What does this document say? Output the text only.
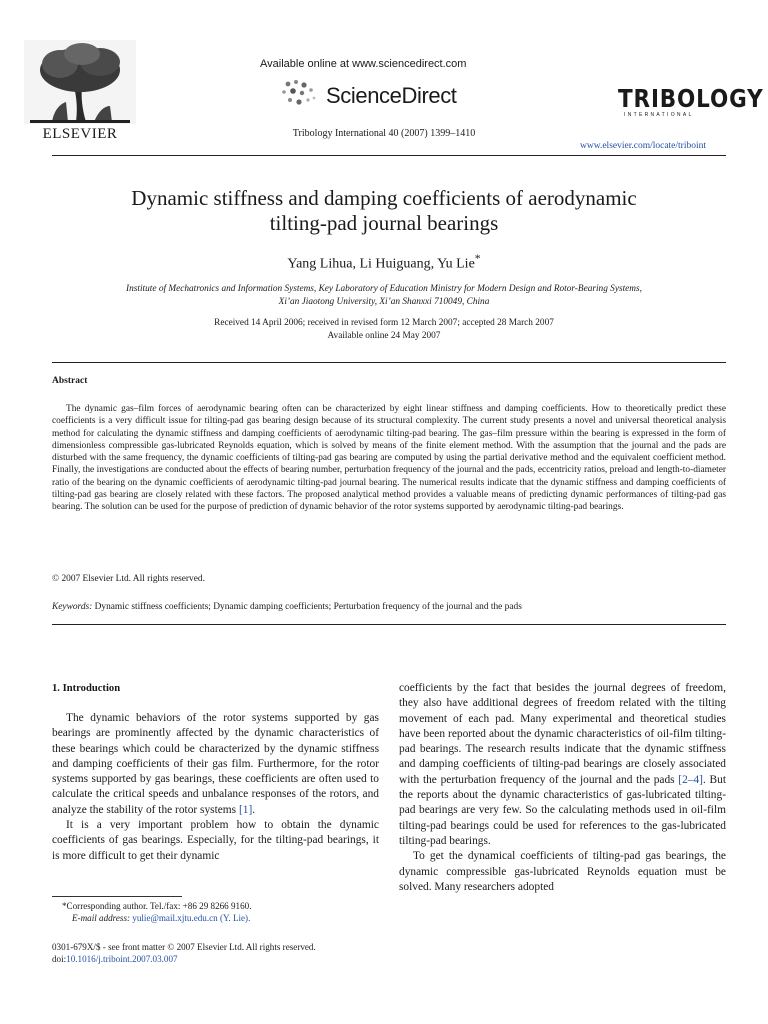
ELSEVIER
Available online at www.sciencedirect.com
ScienceDirect
Tribology International 40 (2007) 1399–1410
TRIBOLOGY
INTERNATIONAL
www.elsevier.com/locate/triboint
Dynamic stiffness and damping coefficients of aerodynamic
tilting-pad journal bearings
Yang Lihua, Li Huiguang, Yu Lie*
Institute of Mechatronics and Information Systems, Key Laboratory of Education Ministry for Modern Design and Rotor-Bearing Systems,
Xi’an Jiaotong University, Xi’an Shanxxi 710049, China
Received 14 April 2006; received in revised form 12 March 2007; accepted 28 March 2007
Available online 24 May 2007
Abstract
The dynamic gas–film forces of aerodynamic bearing often can be characterized by eight linear stiffness and damping coefficients. How to theoretically predict these coefficients is a very difficult issue for tilting-pad gas bearing design because of its structural complexity. The current study presents a novel and universal theoretical analysis method for calculating the dynamic stiffness and damping coefficients of aerodynamic tilting-pad bearing. The gas–film pressure within the bearing is expressed in the form of dimensionless compressible gas-lubricated Reynolds equation, which is solved by means of the finite element method. With the assumption that the journal and the pads are disturbed with the same frequency, the dynamic coefficients of tilting-pad gas bearing are computed by using the partial derivative method and the equivalent coefficient method. Finally, the investigations are conducted about the effects of bearing number, perturbation frequency of the journal and the pads, eccentricity ratios, preload and length-to-diameter ratio of the bearing on the dynamic coefficients of aerodynamic tilting-pad journal bearing. The numerical results indicate that the dynamic stiffness and damping coefficients of tilting-pad gas bearing are closely related with these factors. The proposed analytical method provides a valuable means of predicting dynamic performances of tilting-pad gas bearing. The solution can be used for the purpose of prediction of dynamic behavior of the rotor systems supported by aerodynamic tilting-pad bearings.
© 2007 Elsevier Ltd. All rights reserved.
Keywords: Dynamic stiffness coefficients; Dynamic damping coefficients; Perturbation frequency of the journal and the pads
1. Introduction

The dynamic behaviors of the rotor systems supported by gas bearings are prominently affected by the dynamic characteristics of these bearings which could be characterized by the dynamic stiffness and damping coefficients of their gas film. Furthermore, for the rotor systems supported by gas bearings, these coefficients are often used to calculate the critical speeds and unbalance responses of the rotors, and analyze the stability of the rotor systems [1].

It is a very important problem how to obtain the dynamic coefficients of gas bearings. Especially, for the tilting-pad bearings, it is more difficult to get their dynamic

coefficients by the fact that besides the journal degrees of freedom, they also have additional degrees of freedom related with the tilting movement of each pad. Many experimental and theoretical studies have been reported about the dynamic characteristics of oil-film tilting-pad bearings. The research results indicate that the dynamic stiffness and damping coefficients of tilting-pad bearings are closely associated with the perturbation frequency of the journal and the pads [2–4]. But the reports about the dynamic characteristics of gas-lubricated tilting-pad bearings are very few. So the calculating methods used in oil-film tilting-pad bearings could be used for references to the gas-lubricated tilting-pad bearings.

To get the dynamical coefficients of tilting-pad gas bearings, the dynamic compressible gas-lubricated Reynolds equation must be solved. Many researchers adopted

*Corresponding author. Tel./fax: +86 29 8266 9160.
E-mail address: yulie@mail.xjtu.edu.cn (Y. Lie).
0301-679X/$ - see front matter © 2007 Elsevier Ltd. All rights reserved.
doi:10.1016/j.triboint.2007.03.007
